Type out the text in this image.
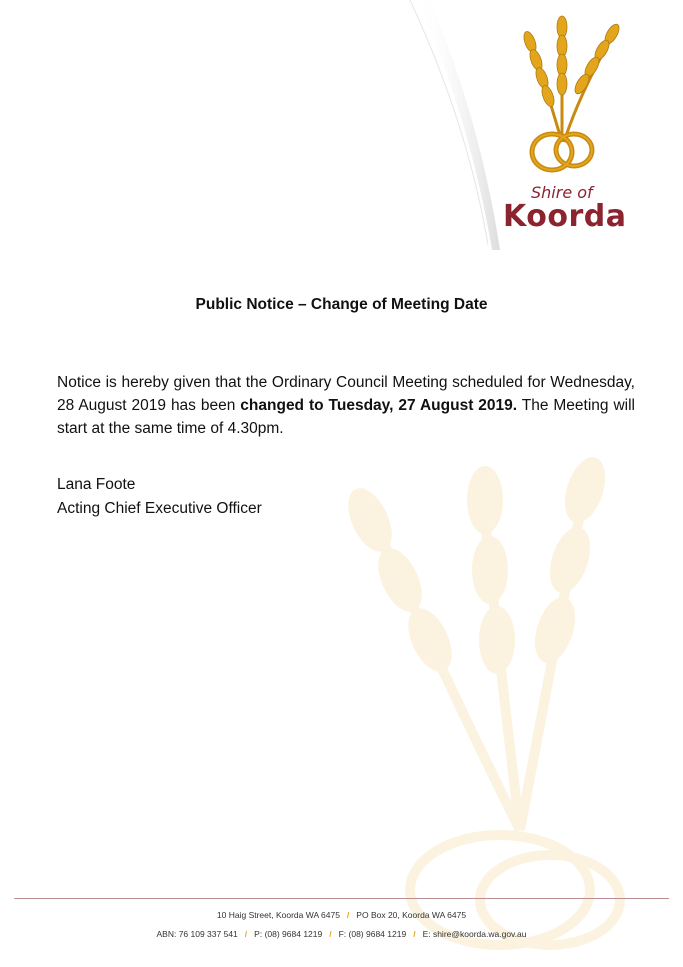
Shire of
Koorda
Public Notice – Change of Meeting Date
Notice is hereby given that the Ordinary Council Meeting scheduled for Wednesday, 28 August 2019 has been changed to Tuesday, 27 August 2019. The Meeting will start at the same time of 4.30pm.
Lana Foote
Acting Chief Executive Officer
10 Haig Street, Koorda WA 6475 / PO Box 20, Koorda WA 6475
ABN: 76 109 337 541 / P: (08) 9684 1219 / F: (08) 9684 1219 / E: shire@koorda.wa.gov.au
